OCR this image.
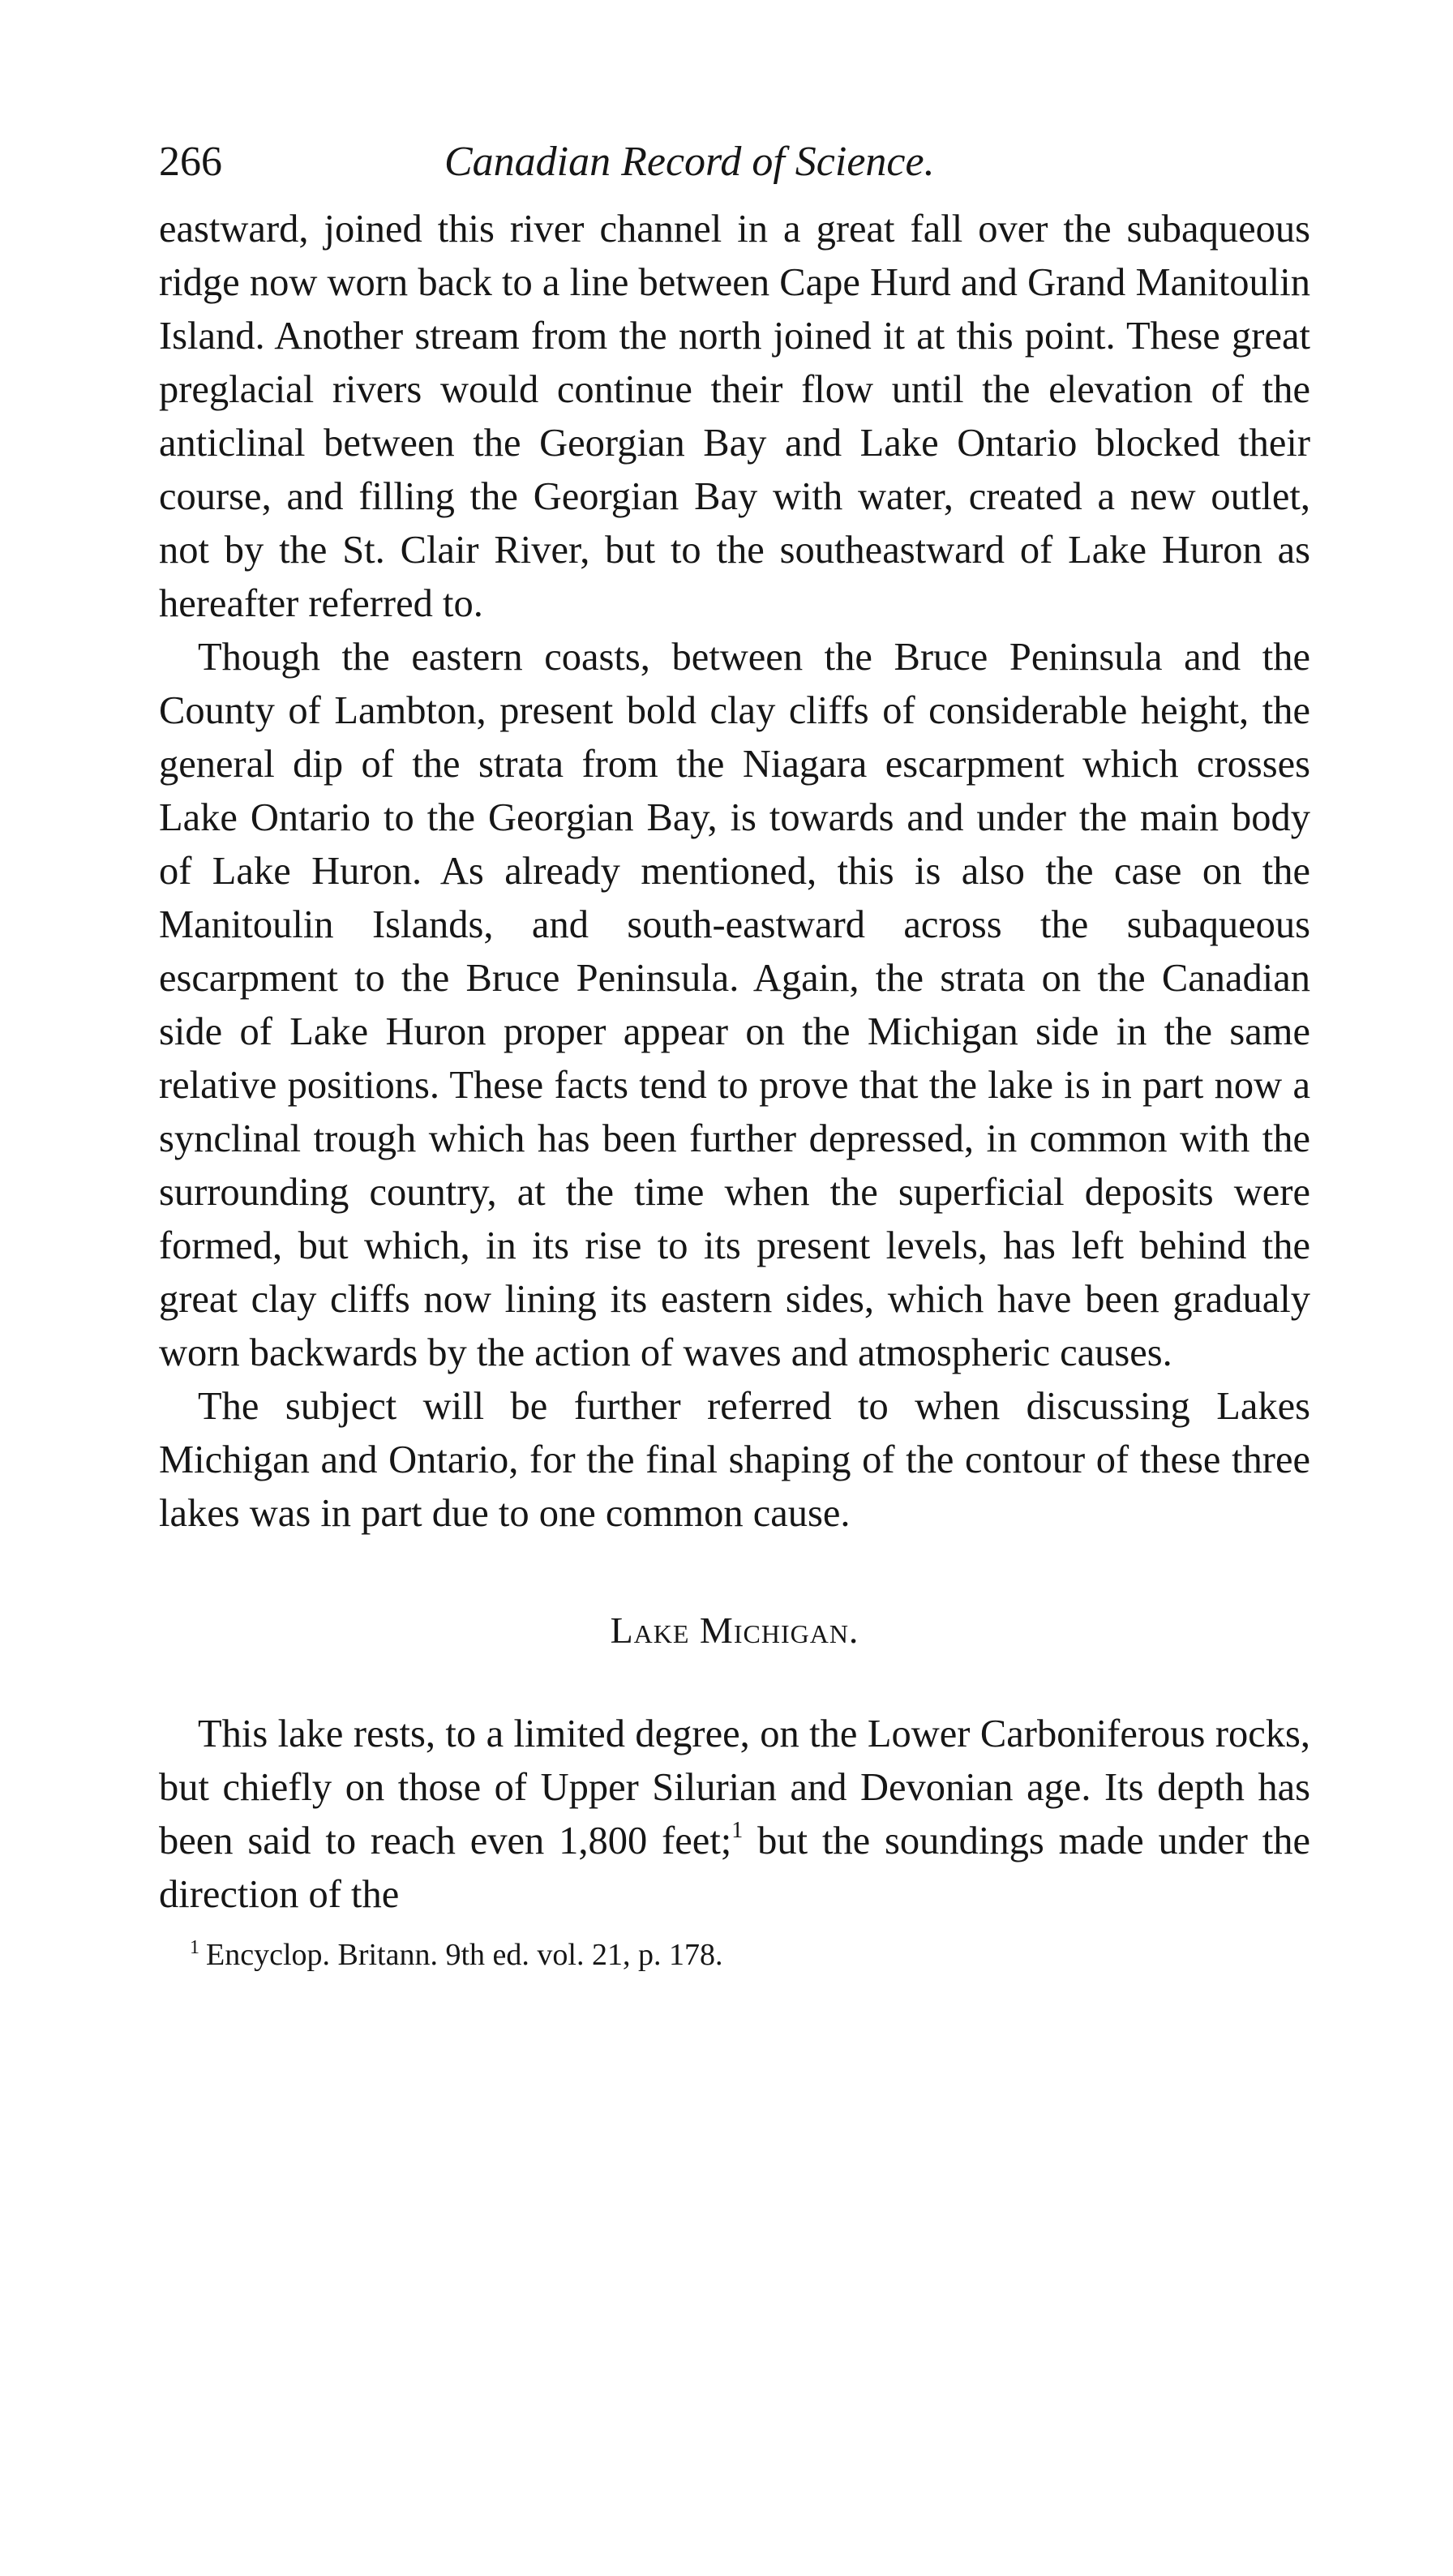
266	Canadian Record of Science.

eastward, joined this river channel in a great fall over the subaqueous ridge now worn back to a line between Cape Hurd and Grand Manitoulin Island. Another stream from the north joined it at this point. These great preglacial rivers would continue their flow until the elevation of the anticlinal between the Georgian Bay and Lake Ontario blocked their course, and filling the Georgian Bay with water, created a new outlet, not by the St. Clair River, but to the southeastward of Lake Huron as hereafter referred to.

Though the eastern coasts, between the Bruce Peninsula and the County of Lambton, present bold clay cliffs of considerable height, the general dip of the strata from the Niagara escarpment which crosses Lake Ontario to the Georgian Bay, is towards and under the main body of Lake Huron. As already mentioned, this is also the case on the Manitoulin Islands, and south-eastward across the subaqueous escarpment to the Bruce Peninsula. Again, the strata on the Canadian side of Lake Huron proper appear on the Michigan side in the same relative positions. These facts tend to prove that the lake is in part now a synclinal trough which has been further depressed, in common with the surrounding country, at the time when the superficial deposits were formed, but which, in its rise to its present levels, has left behind the great clay cliffs now lining its eastern sides, which have been gradualy worn backwards by the action of waves and atmospheric causes.

The subject will be further referred to when discussing Lakes Michigan and Ontario, for the final shaping of the contour of these three lakes was in part due to one common cause.

Lake Michigan.

This lake rests, to a limited degree, on the Lower Carboniferous rocks, but chiefly on those of Upper Silurian and Devonian age. Its depth has been said to reach even 1,800 feet;$^1$ but the soundings made under the direction of the

$^1$ Encyclop. Britann. 9th ed. vol. 21, p. 178.
